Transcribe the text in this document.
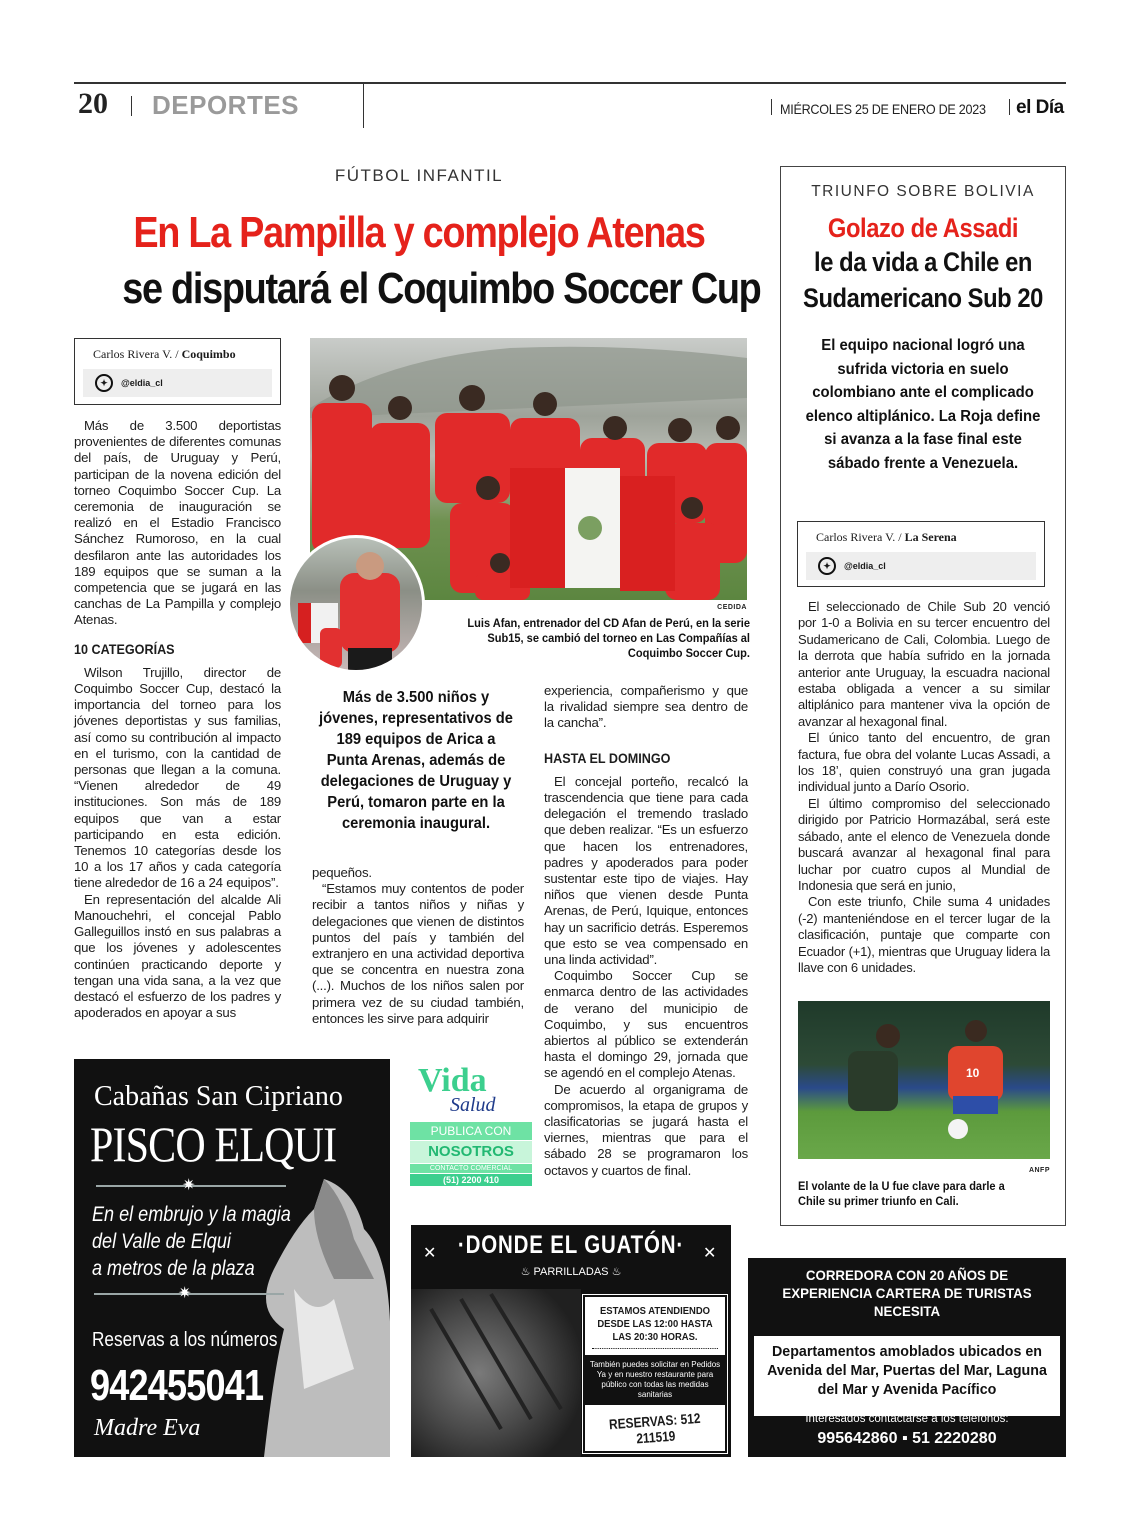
20 DEPORTES	MIÉRCOLES 25 DE ENERO DE 2023 el Día
Carlos Rivera V. / Coquimbo
✦	@eldia_cl

Más de 3.500 deportistas provenientes de diferentes comunas del país, de Uruguay y Perú, participan de la novena edición del torneo Coquimbo Soccer Cup. La ceremonia de inauguración se realizó en el Estadio Francisco Sánchez Rumoroso, en la cual desfilaron ante las autoridades los 189 equipos que se suman a la competencia que se jugará en las canchas de La Pampilla y complejo Atenas.

10 CATEGORÍAS

Wilson Trujillo, director de Coquimbo Soccer Cup, destacó la importancia del torneo para los jóvenes deportistas y sus familias, así como su contribución al impacto en el turismo, con la cantidad de personas que llegan a la comuna. “Vienen alrededor de 49 instituciones. Son más de 189 equipos que van a estar participando en esta edición. Tenemos 10 categorías desde los 10 a los 17 años y cada categoría tiene alrededor de 16 a 24 equipos”.

En representación del alcalde Ali Manouchehri, el concejal Pablo Galleguillos instó en sus palabras a que los jóvenes y adolescentes continúen practicando deporte y tengan una vida sana, a la vez que destacó el esfuerzo de los padres y apoderados en apoyar a sus

CEDIDA
Luis Afan, entrenador del CD Afan de Perú, en la serie Sub15, se cambió del torneo en Las Compañías al Coquimbo Soccer Cup.
Más de 3.500 niños y jóvenes, representativos de 189 equipos de Arica a Punta Arenas, además de delegaciones de Uruguay y Perú, tomaron parte en la ceremonia inaugural.
pequeños.

“Estamos muy contentos de poder recibir a tantos niños y niñas y delegaciones que vienen de distintos puntos del país y también del extranjero en una actividad deportiva que se concentra en nuestra zona (...). Muchos de los niños salen por primera vez de su ciudad también, entonces les sirve para adquirir

experiencia, compañerismo y que la rivalidad siempre sea dentro de la cancha”.
HASTA EL DOMINGO

El concejal porteño, recalcó la trascendencia que tiene para cada delegación el tremendo traslado que deben realizar. “Es un esfuerzo que hacen los entrenadores, padres y apoderados para poder sustentar este tipo de viajes. Hay niños que vienen desde Punta Arenas, de Perú, Iquique, entonces hay un sacrificio detrás. Esperemos que esto se vea compensado en una linda actividad”.

Coquimbo Soccer Cup se enmarca dentro de las actividades de verano del municipio de Coquimbo, y sus encuentros abiertos al público se extenderán hasta el domingo 29, jornada que se agendó en el complejo Atenas.

De acuerdo al organigrama de compromisos, la etapa de grupos y clasificatorias se jugará hasta el viernes, mientras que para el sábado 28 se programaron los octavos y cuartos de final.

TRIUNFO SOBRE BOLIVIA
Golazo de Assadi
le da vida a Chile en
Sudamericano Sub 20
El equipo nacional logró una sufrida victoria en suelo colombiano ante el complicado elenco altiplánico. La Roja define si avanza a la fase final este sábado frente a Venezuela.
Carlos Rivera V. / La Serena
✦	@eldia_cl

El seleccionado de Chile Sub 20 venció por 1-0 a Bolivia en su tercer encuentro del Sudamericano de Cali, Colombia. Luego de la derrota que había sufrido en la jornada anterior ante Uruguay, la escuadra nacional estaba obligada a vencer a su similar altiplánico para mantener viva la opción de avanzar al hexagonal final.

El único tanto del encuentro, de gran factura, fue obra del volante Lucas Assadi, a los 18’, quien construyó una gran jugada individual junto a Darío Osorio.

El último compromiso del seleccionado dirigido por Patricio Hormazábal, será este sábado, ante el elenco de Venezuela donde buscará avanzar al hexagonal final para luchar por cuatro cupos al Mundial de Indonesia que será en junio,

Con este triunfo, Chile suma 4 unidades (-2) manteniéndose en el tercer lugar de la clasificación, puntaje que comparte con Ecuador (+1), mientras que Uruguay lidera la llave con 6 unidades.

10
ANFP
El volante de la U fue clave para darle a Chile su primer triunfo en Cali.
FÚTBOL INFANTIL
En La Pampilla y complejo Atenas
se disputará el Coquimbo Soccer Cup
Cabañas San Cipriano
PISCO ELQUI
✷
En el embrujo y la magia
del Valle de Elqui
a metros de la plaza
✷
Reservas a los números
942455041
Madre Eva
Vida
Salud
PUBLICA CON
NOSOTROS
CONTACTO COMERCIAL
(51) 2200 410
·DONDE EL GUATÓN·
✕	✕
♨ PARRILLADAS ♨
ESTAMOS ATENDIENDO DESDE LAS 12:00 HASTA LAS 20:30 HORAS.
También puedes solicitar en Pedidos Ya y en nuestro restaurante para público con todas las medidas sanitarias
RESERVAS: 512 211519
CORREDORA CON 20 AÑOS DE EXPERIENCIA CARTERA DE TURISTAS NECESITA
Departamentos amoblados ubicados en Avenida del Mar, Puertas del Mar, Laguna del Mar y Avenida Pacífico
Interesados contactarse a los teléfonos:
995642860 ▪ 51 2220280
